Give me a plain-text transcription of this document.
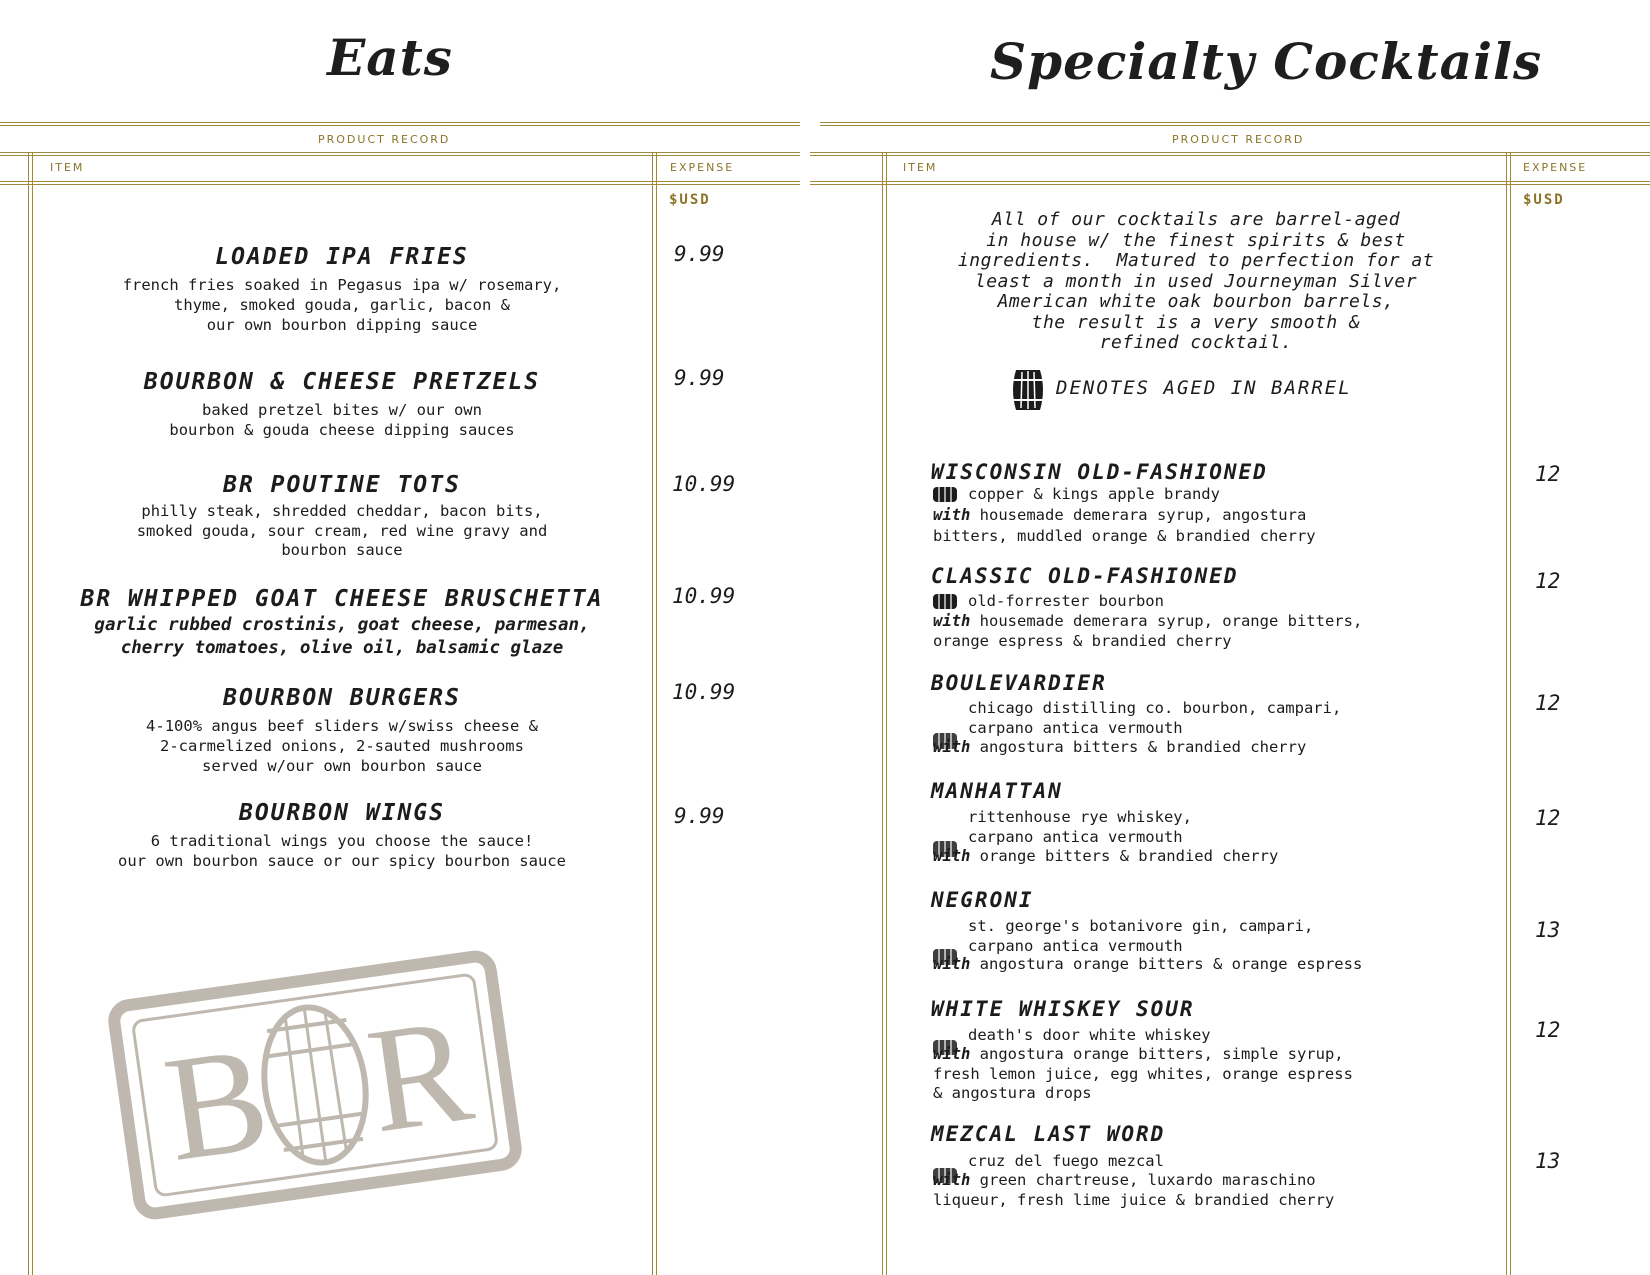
Eats
PRODUCT RECORD
ITEM	EXPENSE
$USD
LOADED IPA FRIES
french fries soaked in Pegasus ipa w/ rosemary,
thyme, smoked gouda, garlic, bacon &
our own bourbon dipping sauce
9.99
BOURBON & CHEESE PRETZELS
baked pretzel bites w/ our own
bourbon & gouda cheese dipping sauces
9.99
BR POUTINE TOTS
philly steak, shredded cheddar, bacon bits,
smoked gouda, sour cream, red wine gravy and
bourbon sauce
10.99
BR WHIPPED GOAT CHEESE BRUSCHETTA
garlic rubbed crostinis, goat cheese, parmesan,
cherry tomatoes, olive oil, balsamic glaze
10.99
BOURBON BURGERS
4-100% angus beef sliders w/swiss cheese &
2-carmelized onions, 2-sauted mushrooms
served w/our own bourbon sauce
10.99
BOURBON WINGS
6 traditional wings you choose the sauce!
our own bourbon sauce or our spicy bourbon sauce
9.99
B R
Specialty Cocktails
PRODUCT RECORD
ITEM	EXPENSE
$USD
All of our cocktails are barrel-aged
in house w/ the finest spirits & best
ingredients.  Matured to perfection for at
least a month in used Journeyman Silver
American white oak bourbon barrels,
the result is a very smooth &
refined cocktail.
DENOTES AGED IN BARREL
WISCONSIN OLD-FASHIONED
copper & kings apple brandy
with housemade demerara syrup, angostura
bitters, muddled orange & brandied cherry
12
CLASSIC OLD-FASHIONED
old-forrester bourbon
with housemade demerara syrup, orange bitters,
orange espress & brandied cherry
12
BOULEVARDIER
chicago distilling co. bourbon, campari,
carpano antica vermouth
with angostura bitters & brandied cherry
12
MANHATTAN
rittenhouse rye whiskey,
carpano antica vermouth
with orange bitters & brandied cherry
12
NEGRONI
st. george's botanivore gin, campari,
carpano antica vermouth
with angostura orange bitters & orange espress
13
WHITE WHISKEY SOUR
death's door white whiskey
with angostura orange bitters, simple syrup,
fresh lemon juice, egg whites, orange espress
& angostura drops
12
MEZCAL LAST WORD
cruz del fuego mezcal
with green chartreuse, luxardo maraschino
liqueur, fresh lime juice & brandied cherry
13
